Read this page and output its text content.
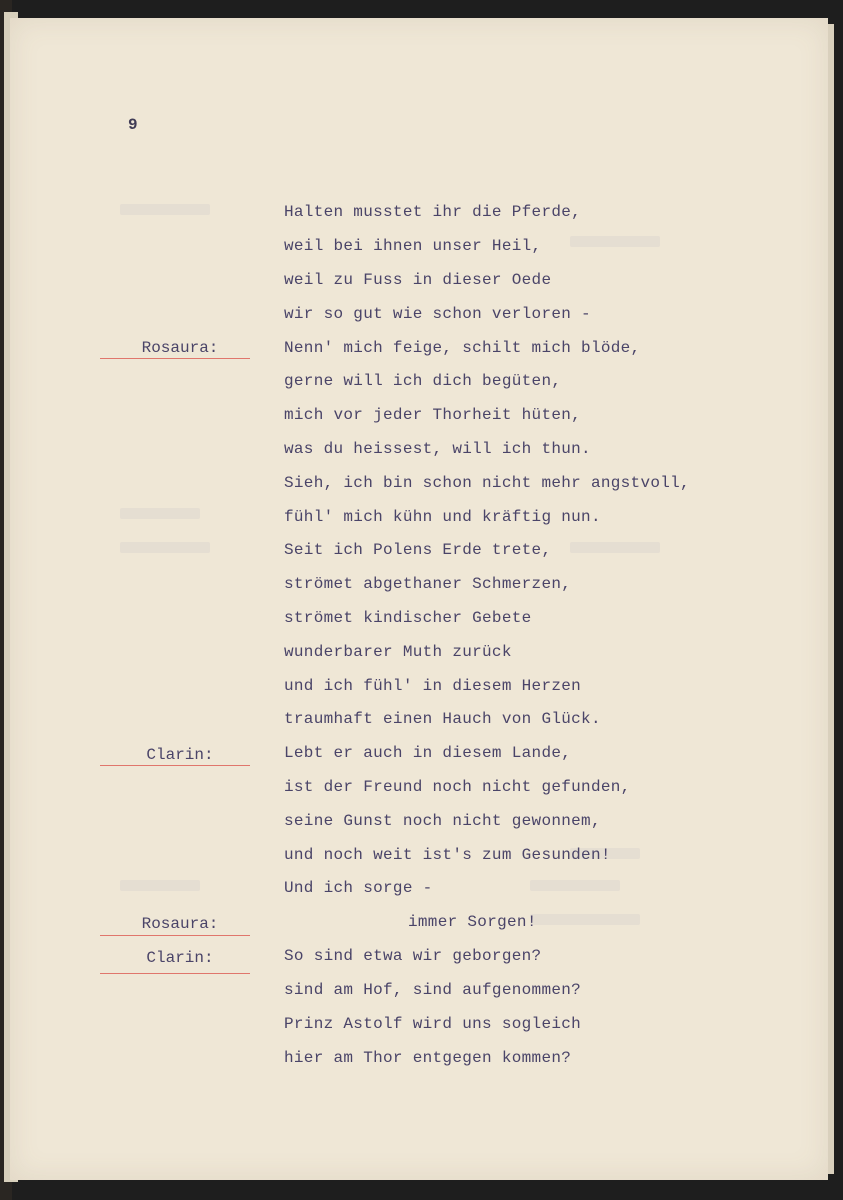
9
Halten musstet ihr die Pferde,
weil bei ihnen unser Heil,
weil zu Fuss in dieser Oede
wir so gut wie schon verloren -
Nenn' mich feige, schilt mich blöde,
gerne will ich dich begüten,
mich vor jeder Thorheit hüten,
was du heissest, will ich thun.
Sieh, ich bin schon nicht mehr angstvoll,
fühl' mich kühn und kräftig nun.
Seit ich Polens Erde trete,
strömet abgethaner Schmerzen,
strömet kindischer Gebete
wunderbarer Muth zurück
und ich fühl' in diesem Herzen
traumhaft einen Hauch von Glück.
Lebt er auch in diesem Lande,
ist der Freund noch nicht gefunden,
seine Gunst noch nicht gewonnem,
und noch weit ist's zum Gesunden!
Und ich sorge -
immer Sorgen!
So sind etwa wir geborgen?
sind am Hof, sind aufgenommen?
Prinz Astolf wird uns sogleich
hier am Thor entgegen kommen?
Rosaura:
Clarin:
Rosaura:
Clarin:
